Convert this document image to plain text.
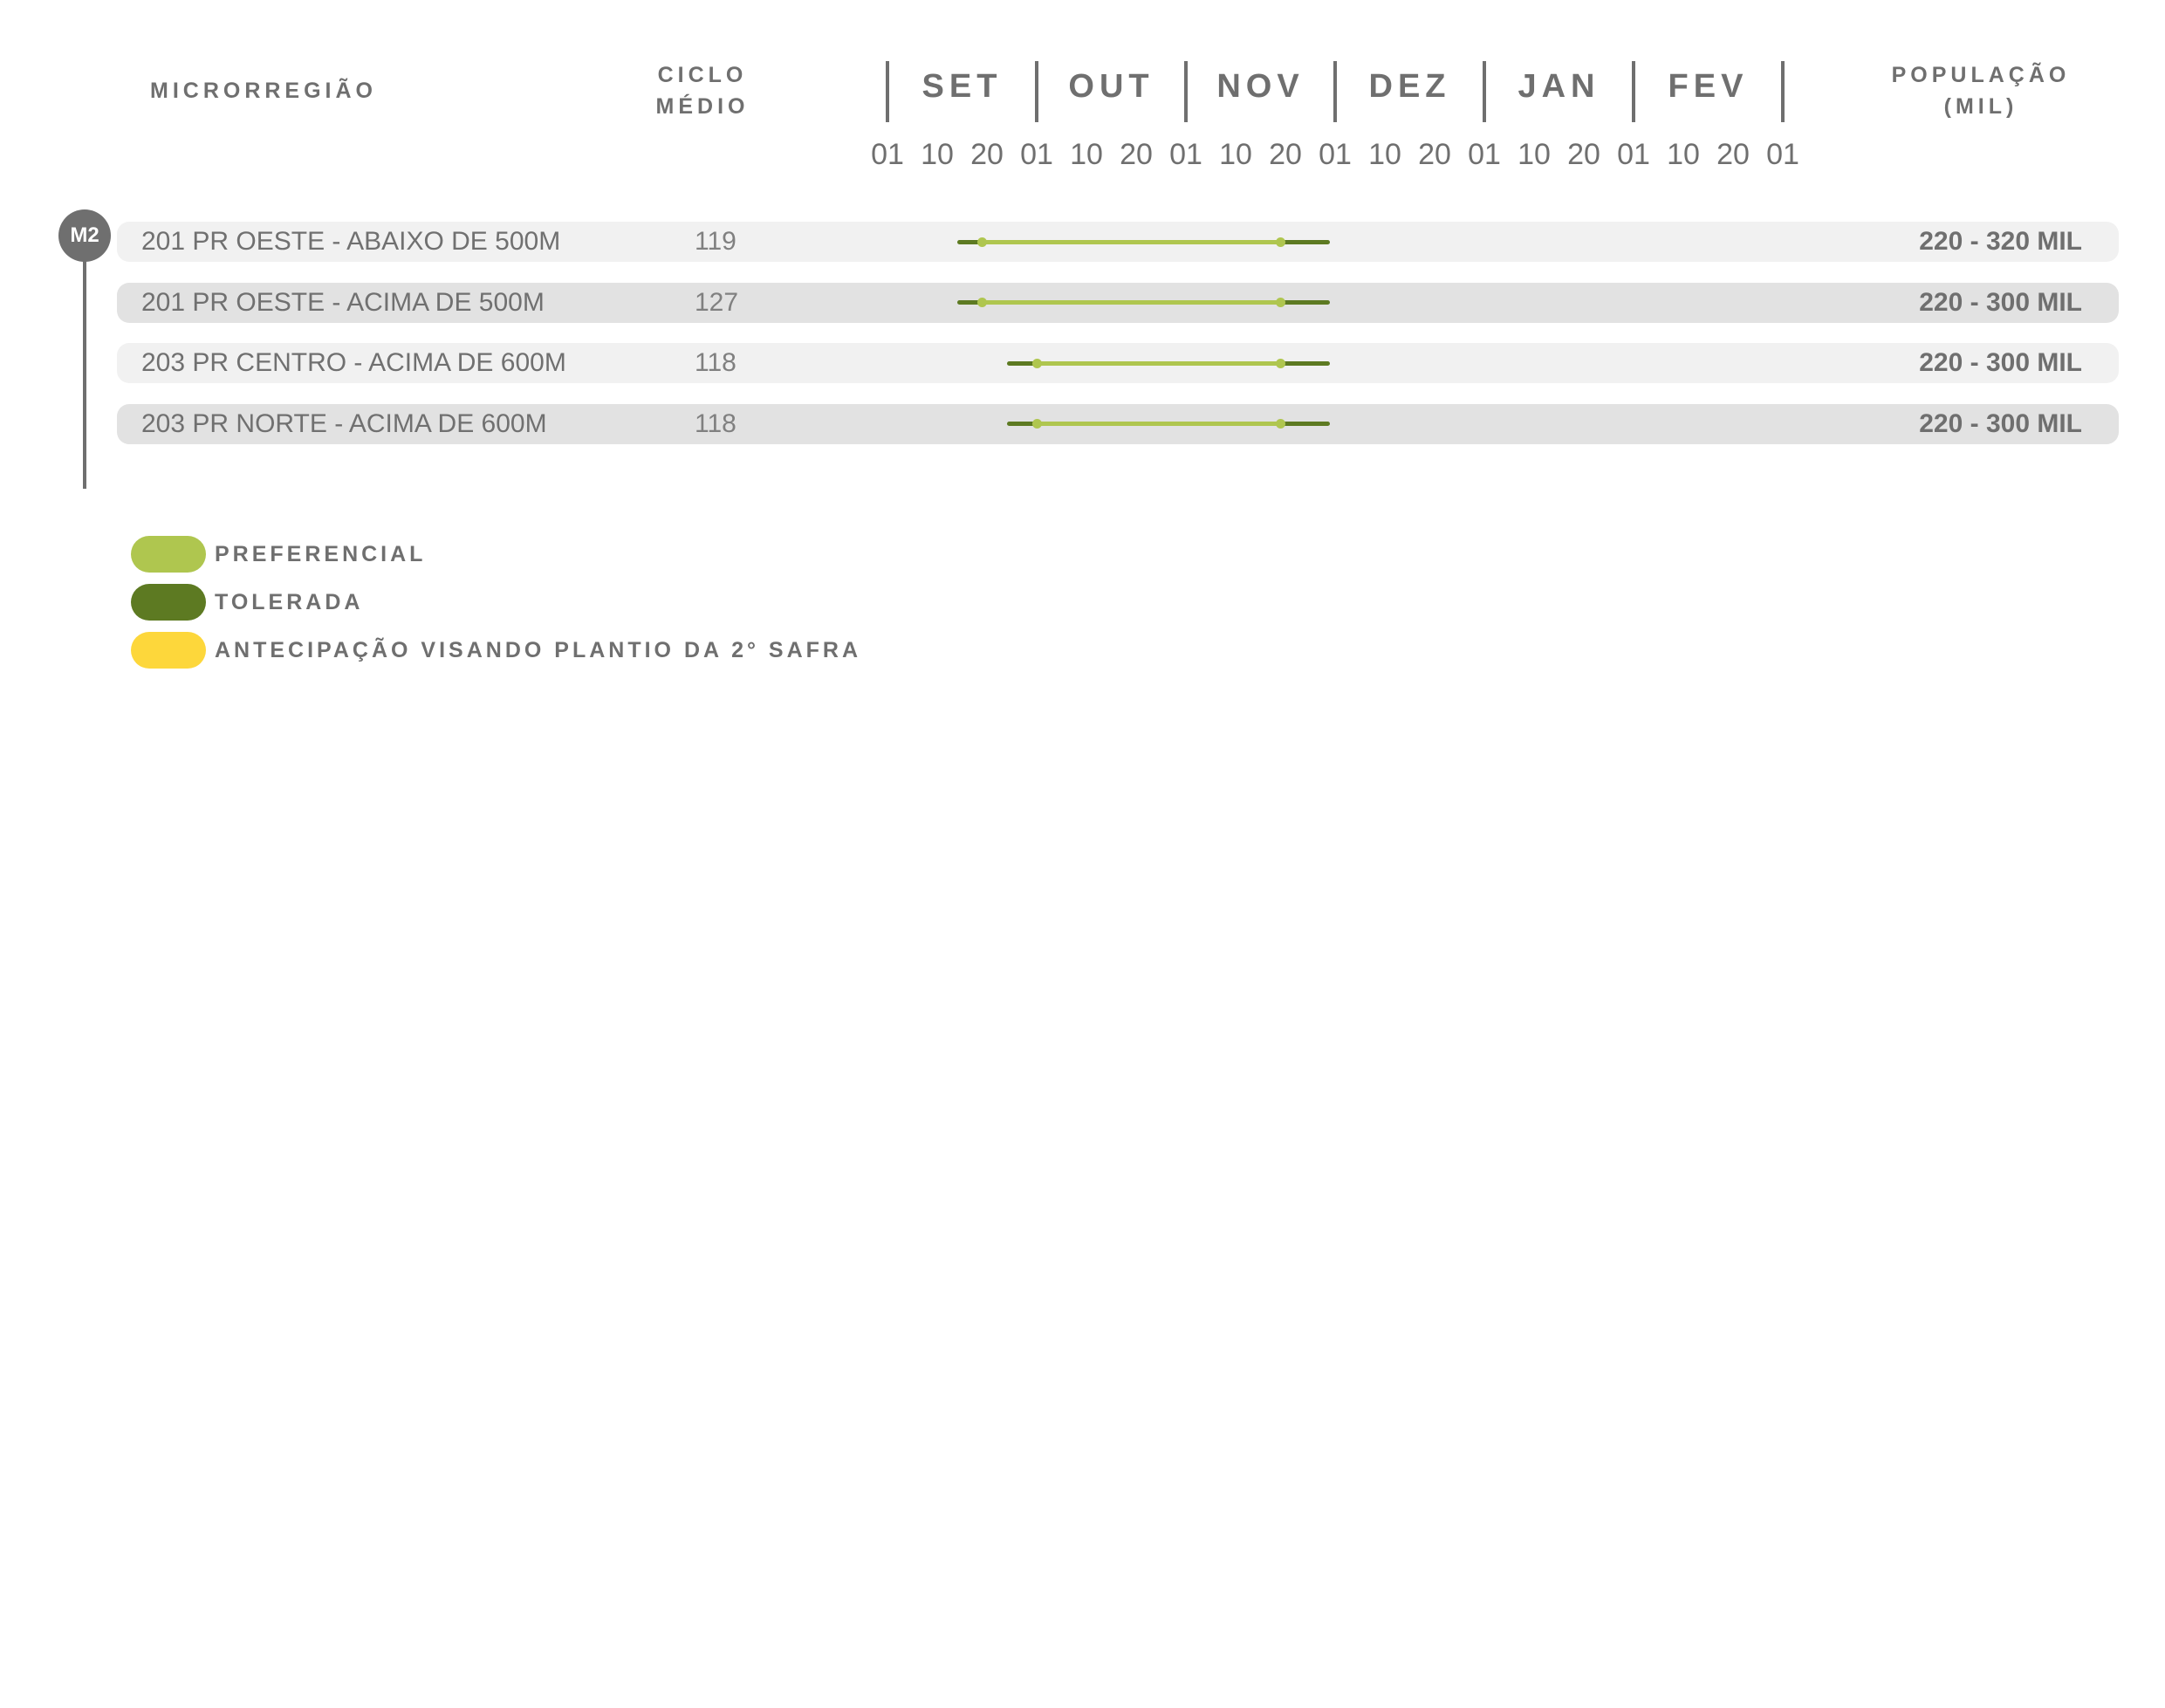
MICRORREGIÃO
CICLO
MÉDIO
POPULAÇÃO
(MIL)
SET	OUT	NOV	DEZ	JAN	FEV
01 10 20 01 10 20 01 10 20 01 10 20 01 10 20 01 10 20 01
M2	201 PR OESTE - ABAIXO DE 500M	119	220 - 320 MIL
201 PR OESTE - ACIMA DE 500M	127	220 - 300 MIL
203 PR CENTRO - ACIMA DE 600M	118	220 - 300 MIL
203 PR NORTE - ACIMA DE 600M	118	220 - 300 MIL
PREFERENCIAL
TOLERADA
ANTECIPAÇÃO VISANDO PLANTIO DA 2° SAFRA
